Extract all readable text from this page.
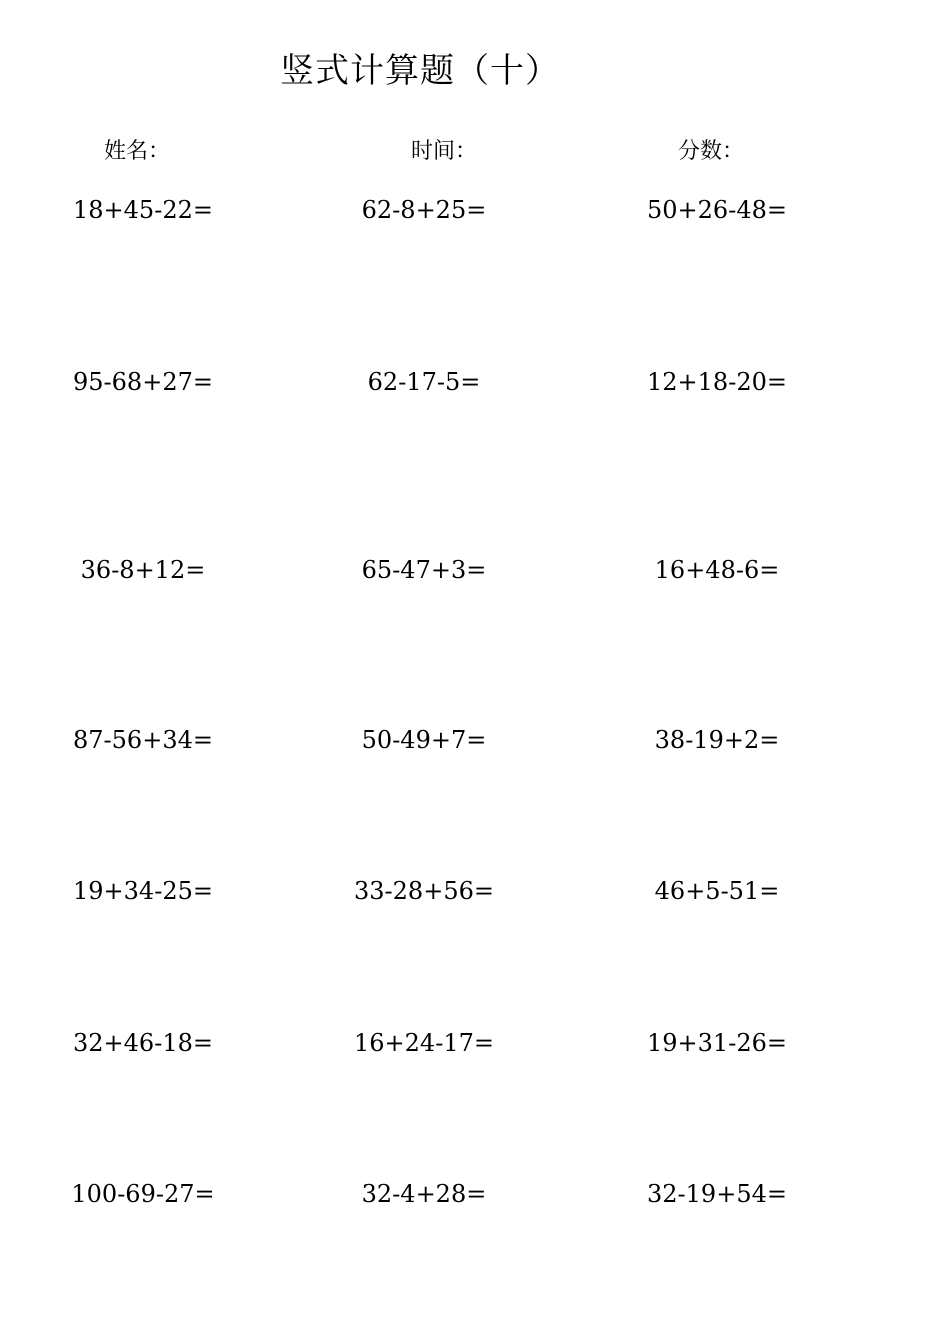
竖式计算题（十）
姓名：	时间：	分数：
18+45-22=	62-8+25=	50+26-48=
95-68+27=	62-17-5=	12+18-20=
36-8+12=	65-47+3=	16+48-6=
87-56+34=	50-49+7=	38-19+2=
19+34-25=	33-28+56=	46+5-51=
32+46-18=	16+24-17=	19+31-26=
100-69-27=	32-4+28=	32-19+54=
